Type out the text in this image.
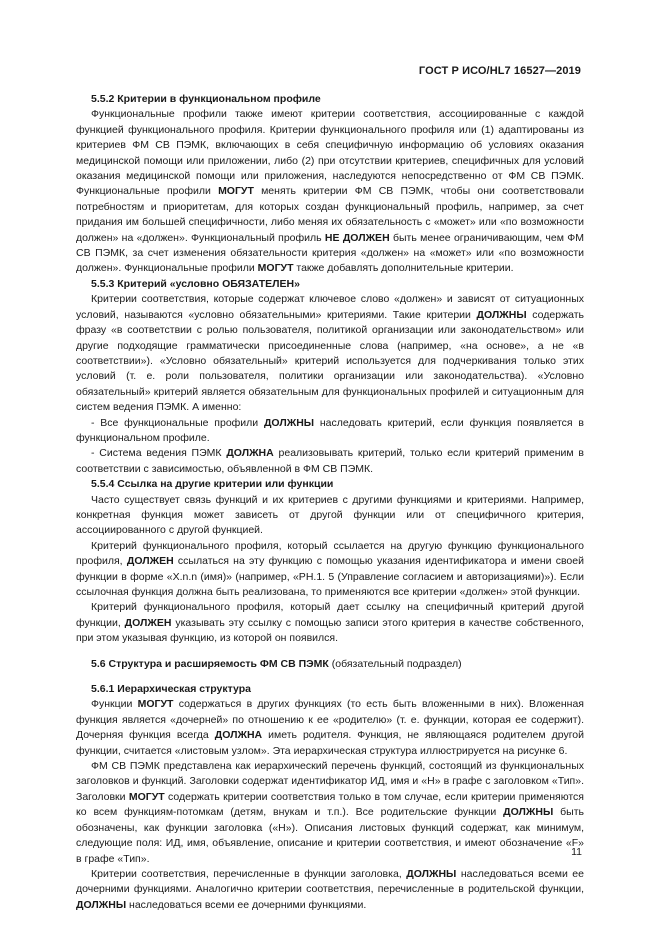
ГОСТ Р ИСО/HL7 16527—2019

5.5.2 Критерии в функциональном профиле

Функциональные профили также имеют критерии соответствия, ассоциированные с каждой функцией функционального профиля. Критерии функционального профиля или (1) адаптированы из критериев ФМ СВ ПЭМК, включающих в себя специфичную информацию об условиях оказания медицинской помощи или приложении, либо (2) при отсутствии критериев, специфичных для условий оказания медицинской помощи или приложения, наследуются непосредственно от ФМ СВ ПЭМК. Функциональные профили МОГУТ менять критерии ФМ СВ ПЭМК, чтобы они соответствовали потребностям и приоритетам, для которых создан функциональный профиль, например, за счет придания им большей специфичности, либо меняя их обязательность с «может» или «по возможности должен» на «должен». Функциональный профиль НЕ ДОЛЖЕН быть менее ограничивающим, чем ФМ СВ ПЭМК, за счет изменения обязательности критерия «должен» на «может» или «по возможности должен». Функциональные профили МОГУТ также добавлять дополнительные критерии.

5.5.3 Критерий «условно ОБЯЗАТЕЛЕН»

Критерии соответствия, которые содержат ключевое слово «должен» и зависят от ситуационных условий, называются «условно обязательными» критериями. Такие критерии ДОЛЖНЫ содержать фразу «в соответствии с ролью пользователя, политикой организации или законодательством» или другие подходящие грамматически присоединенные слова (например, «на основе», а не «в соответствии»). «Условно обязательный» критерий используется для подчеркивания только этих условий (т. е. роли пользователя, политики организации или законодательства). «Условно обязательный» критерий является обязательным для функциональных профилей и ситуационным для систем ведения ПЭМК. А именно:

- Все функциональные профили ДОЛЖНЫ наследовать критерий, если функция появляется в функциональном профиле.

- Система ведения ПЭМК ДОЛЖНА реализовывать критерий, только если критерий применим в соответствии с зависимостью, объявленной в ФМ СВ ПЭМК.

5.5.4 Ссылка на другие критерии или функции

Часто существует связь функций и их критериев с другими функциями и критериями. Например, конкретная функция может зависеть от другой функции или от специфичного критерия, ассоциированного с другой функцией.

Критерий функционального профиля, который ссылается на другую функцию функционального профиля, ДОЛЖЕН ссылаться на эту функцию с помощью указания идентификатора и имени своей функции в форме «X.n.n (имя)» (например, «PH.1. 5 (Управление согласием и авторизациями)»). Если ссылочная функция должна быть реализована, то применяются все критерии «должен» этой функции.

Критерий функционального профиля, который дает ссылку на специфичный критерий другой функции, ДОЛЖЕН указывать эту ссылку с помощью записи этого критерия в качестве собственного, при этом указывая функцию, из которой он появился.

5.6 Структура и расширяемость ФМ СВ ПЭМК (обязательный подраздел)

5.6.1 Иерархическая структура

Функции МОГУТ содержаться в других функциях (то есть быть вложенными в них). Вложенная функция является «дочерней» по отношению к ее «родителю» (т. е. функции, которая ее содержит). Дочерняя функция всегда ДОЛЖНА иметь родителя. Функция, не являющаяся родителем другой функции, считается «листовым узлом». Эта иерархическая структура иллюстрируется на рисунке 6.

ФМ СВ ПЭМК представлена как иерархический перечень функций, состоящий из функциональных заголовков и функций. Заголовки содержат идентификатор ИД, имя и «H» в графе с заголовком «Тип». Заголовки МОГУТ содержать критерии соответствия только в том случае, если критерии применяются ко всем функциям-потомкам (детям, внукам и т.п.). Все родительские функции ДОЛЖНЫ быть обозначены, как функции заголовка («H»). Описания листовых функций содержат, как минимум, следующие поля: ИД, имя, объявление, описание и критерии соответствия, и имеют обозначение «F» в графе «Тип».

Критерии соответствия, перечисленные в функции заголовка, ДОЛЖНЫ наследоваться всеми ее дочерними функциями. Аналогично критерии соответствия, перечисленные в родительской функции, ДОЛЖНЫ наследоваться всеми ее дочерними функциями.

11
